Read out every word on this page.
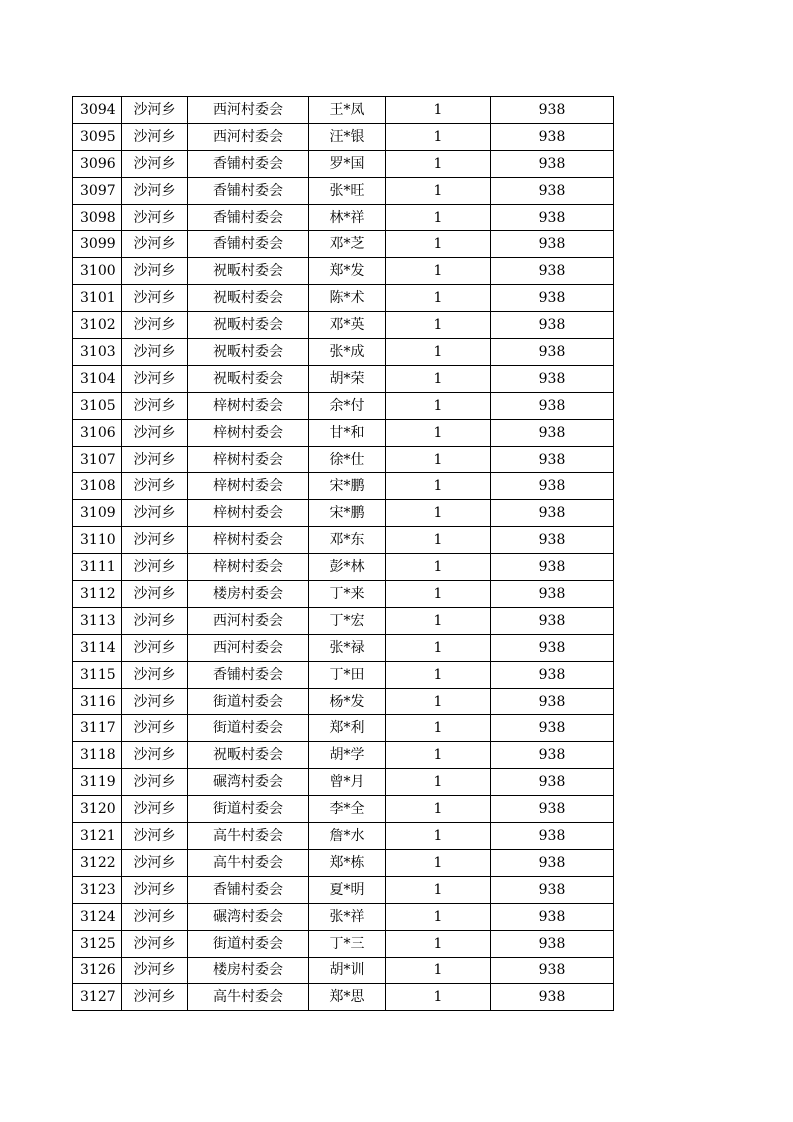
3094	沙河乡	西河村委会	王*凤	1	938
3095	沙河乡	西河村委会	汪*银	1	938
3096	沙河乡	香铺村委会	罗*国	1	938
3097	沙河乡	香铺村委会	张*旺	1	938
3098	沙河乡	香铺村委会	林*祥	1	938
3099	沙河乡	香铺村委会	邓*芝	1	938
3100	沙河乡	祝畈村委会	郑*发	1	938
3101	沙河乡	祝畈村委会	陈*术	1	938
3102	沙河乡	祝畈村委会	邓*英	1	938
3103	沙河乡	祝畈村委会	张*成	1	938
3104	沙河乡	祝畈村委会	胡*荣	1	938
3105	沙河乡	梓树村委会	余*付	1	938
3106	沙河乡	梓树村委会	甘*和	1	938
3107	沙河乡	梓树村委会	徐*仕	1	938
3108	沙河乡	梓树村委会	宋*鹏	1	938
3109	沙河乡	梓树村委会	宋*鹏	1	938
3110	沙河乡	梓树村委会	邓*东	1	938
3111	沙河乡	梓树村委会	彭*林	1	938
3112	沙河乡	楼房村委会	丁*来	1	938
3113	沙河乡	西河村委会	丁*宏	1	938
3114	沙河乡	西河村委会	张*禄	1	938
3115	沙河乡	香铺村委会	丁*田	1	938
3116	沙河乡	街道村委会	杨*发	1	938
3117	沙河乡	街道村委会	郑*利	1	938
3118	沙河乡	祝畈村委会	胡*学	1	938
3119	沙河乡	碾湾村委会	曾*月	1	938
3120	沙河乡	街道村委会	李*全	1	938
3121	沙河乡	高牛村委会	詹*水	1	938
3122	沙河乡	高牛村委会	郑*栋	1	938
3123	沙河乡	香铺村委会	夏*明	1	938
3124	沙河乡	碾湾村委会	张*祥	1	938
3125	沙河乡	街道村委会	丁*三	1	938
3126	沙河乡	楼房村委会	胡*训	1	938
3127	沙河乡	高牛村委会	郑*思	1	938
